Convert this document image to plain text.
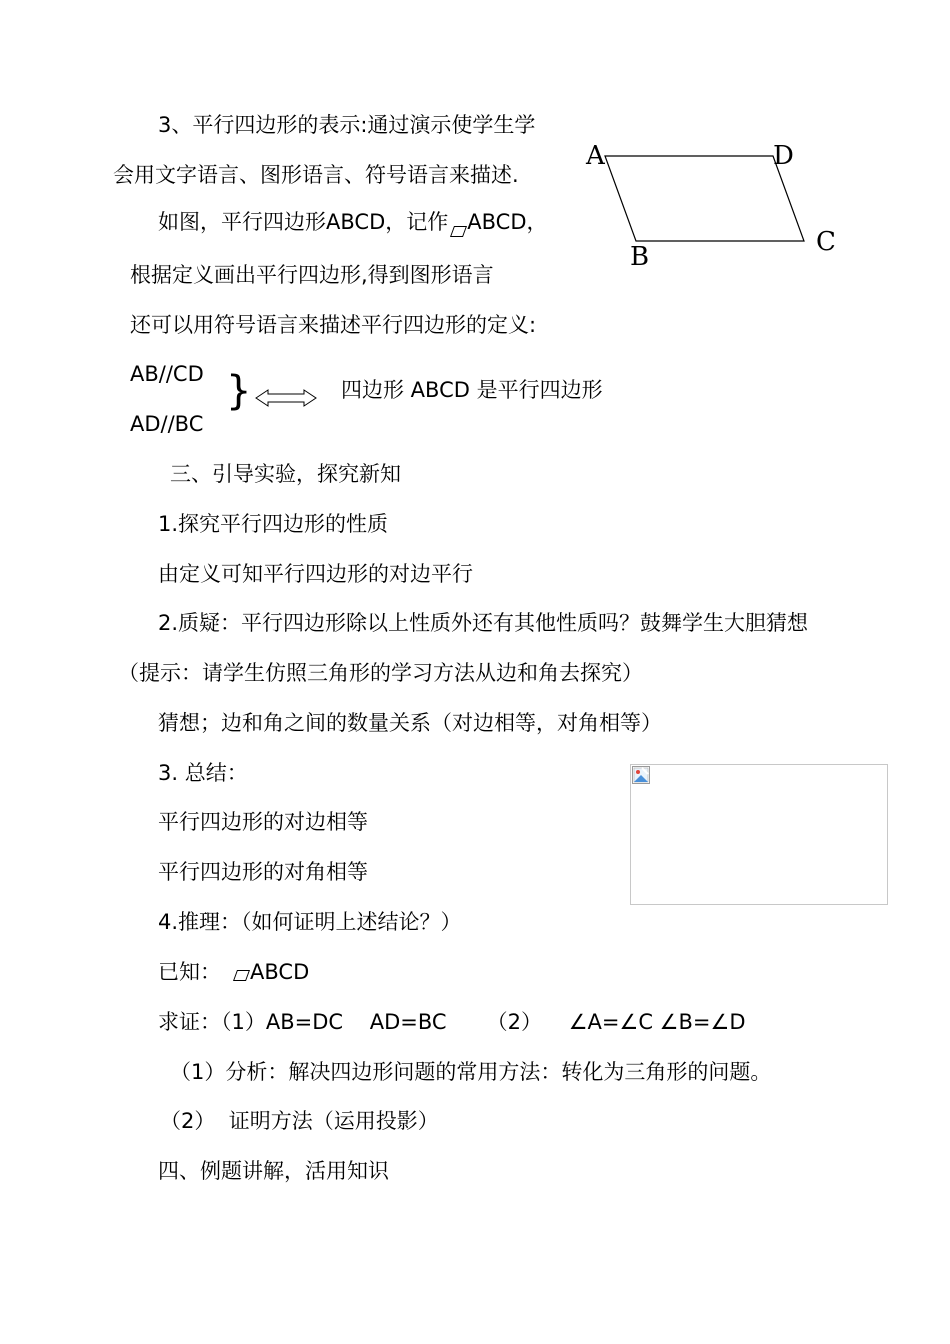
3、平行四边形的表示:通过演示使学生学
会用文字语言、图形语言、符号语言来描述.
如图，平行四边形ABCD，记作 ABCD，
根据定义画出平行四边形,得到图形语言
还可以用符号语言来描述平行四边形的定义:
A	D
C
B
AB//CD
AD//BC
}	四边形 ABCD 是平行四边形
三、引导实验，探究新知
1.探究平行四边形的性质
由定义可知平行四边形的对边平行
2.质疑：平行四边形除以上性质外还有其他性质吗？鼓舞学生大胆猜想
（提示：请学生仿照三角形的学习方法从边和角去探究）
猜想；边和角之间的数量关系（对边相等，对角相等）
3. 总结：
平行四边形的对边相等
平行四边形的对角相等
4.推理：（如何证明上述结论？）
已知： ABCD
求证：（1）AB=DC    AD=BC      （2）    ∠A=∠C ∠B=∠D
（1）分析：解决四边形问题的常用方法：转化为三角形的问题。
（2）  证明方法（运用投影）
四、例题讲解，活用知识
